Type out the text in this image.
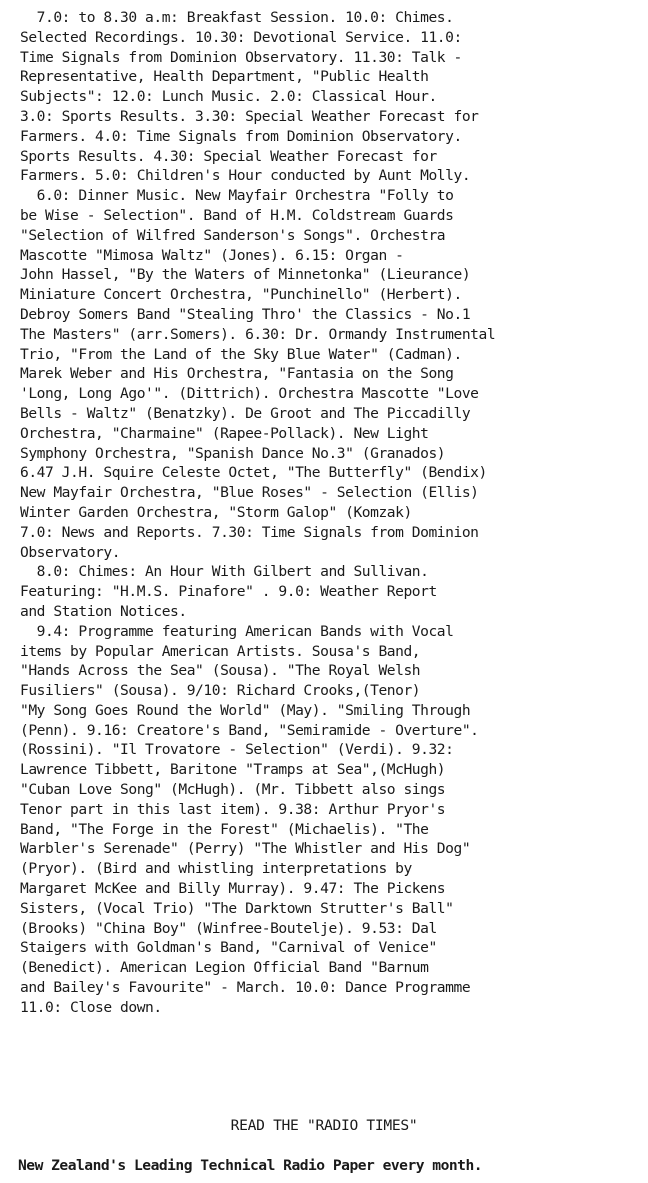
7.0: to 8.30 a.m: Breakfast Session. 10.0: Chimes.
Selected Recordings. 10.30: Devotional Service. 11.0:
Time Signals from Dominion Observatory. 11.30: Talk -
Representative, Health Department, "Public Health
Subjects": 12.0: Lunch Music. 2.0: Classical Hour.
3.0: Sports Results. 3.30: Special Weather Forecast for
Farmers. 4.0: Time Signals from Dominion Observatory.
Sports Results. 4.30: Special Weather Forecast for
Farmers. 5.0: Children's Hour conducted by Aunt Molly.
6.0: Dinner Music. New Mayfair Orchestra "Folly to
be Wise - Selection". Band of H.M. Coldstream Guards
"Selection of Wilfred Sanderson's Songs". Orchestra
Mascotte "Mimosa Waltz" (Jones). 6.15: Organ -
John Hassel, "By the Waters of Minnetonka" (Lieurance)
Miniature Concert Orchestra, "Punchinello" (Herbert).
Debroy Somers Band "Stealing Thro' the Classics - No.1
The Masters" (arr.Somers). 6.30: Dr. Ormandy Instrumental
Trio, "From the Land of the Sky Blue Water" (Cadman).
Marek Weber and His Orchestra, "Fantasia on the Song
'Long, Long Ago'". (Dittrich). Orchestra Mascotte "Love
Bells - Waltz" (Benatzky). De Groot and The Piccadilly
Orchestra, "Charmaine" (Rapee-Pollack). New Light
Symphony Orchestra, "Spanish Dance No.3" (Granados)
6.47 J.H. Squire Celeste Octet, "The Butterfly" (Bendix)
New Mayfair Orchestra, "Blue Roses" - Selection (Ellis)
Winter Garden Orchestra, "Storm Galop" (Komzak)
7.0: News and Reports. 7.30: Time Signals from Dominion
Observatory.
8.0: Chimes: An Hour With Gilbert and Sullivan.
Featuring: "H.M.S. Pinafore" . 9.0: Weather Report
and Station Notices.
9.4: Programme featuring American Bands with Vocal
items by Popular American Artists. Sousa's Band,
"Hands Across the Sea" (Sousa). "The Royal Welsh
Fusiliers" (Sousa). 9/10: Richard Crooks,(Tenor)
"My Song Goes Round the World" (May). "Smiling Through
(Penn). 9.16: Creatore's Band, "Semiramide - Overture".
(Rossini). "Il Trovatore - Selection" (Verdi). 9.32:
Lawrence Tibbett, Baritone "Tramps at Sea",(McHugh)
"Cuban Love Song" (McHugh). (Mr. Tibbett also sings
Tenor part in this last item). 9.38: Arthur Pryor's
Band, "The Forge in the Forest" (Michaelis). "The
Warbler's Serenade" (Perry) "The Whistler and His Dog"
(Pryor). (Bird and whistling interpretations by
Margaret McKee and Billy Murray). 9.47: The Pickens
Sisters, (Vocal Trio) "The Darktown Strutter's Ball"
(Brooks) "China Boy" (Winfree-Boutelje). 9.53: Dal
Staigers with Goldman's Band, "Carnival of Venice"
(Benedict). American Legion Official Band "Barnum
and Bailey's Favourite" - March. 10.0: Dance Programme
11.0: Close down.
READ THE "RADIO TIMES"
New Zealand's Leading Technical Radio Paper every month.
